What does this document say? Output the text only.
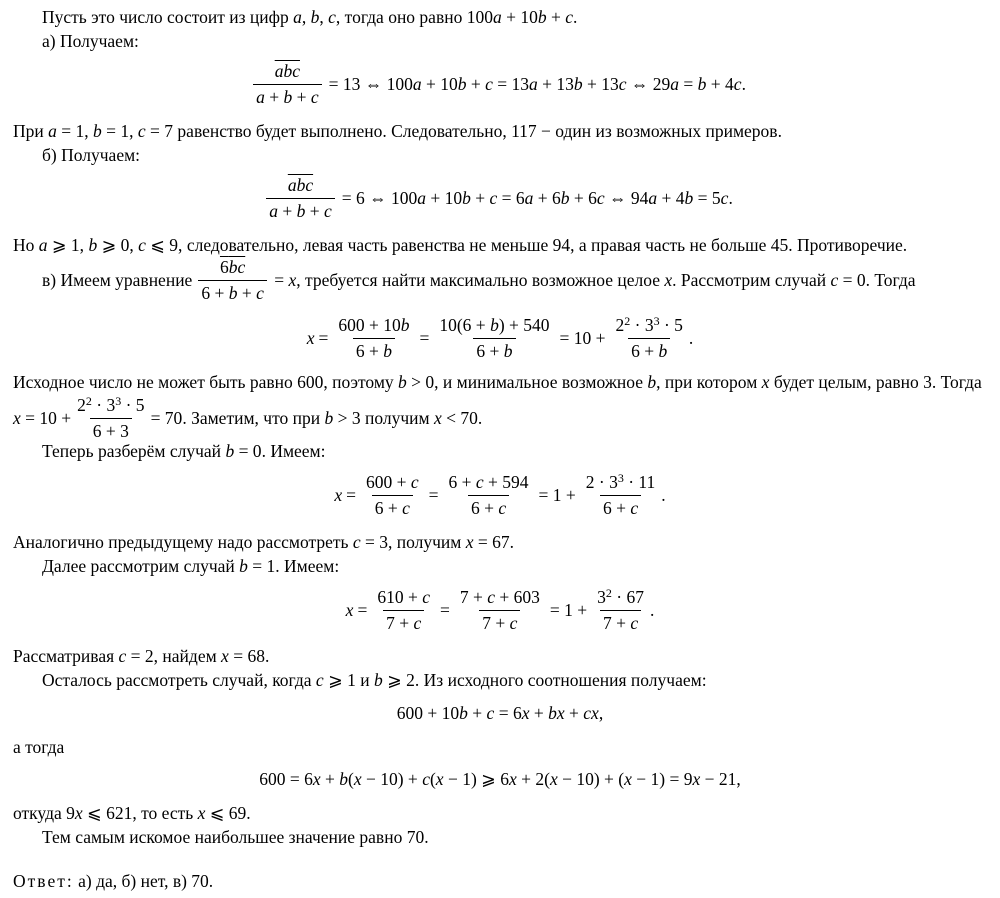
Пусть это число состоит из цифр a, b, c, тогда оно равно 100a + 10b + c.
а) Получаем:
$\frac{\overline{abc}}{a + b + c} = 13$ ⇔ 100a + 10b + c = 13a + 13b + 13c ⇔ 29a = b + 4c.
При a = 1, b = 1, c = 7 равенство будет выполнено. Следовательно, 117 − один из возможных примеров.
б) Получаем:
$\frac{\overline{abc}}{a + b + c} = 6$ ⇔ 100a + 10b + c = 6a + 6b + 6c ⇔ 94a + 4b = 5c.
Но a ⩾ 1, b ⩾ 0, c ⩽ 9, следовательно, левая часть равенства не меньше 94, а правая часть не больше 45. Противоречие.
в) Имеем уравнение $\frac{6bc}{6 + b + c} = x$, требуется найти максимально возможное целое x . Рассмотрим случай c = 0 . Тогда
$x = \frac{600 + 10b}{6 + b} = \frac{10(6 + b) + 540}{6 + b} = 10 + \frac{2^2 \cdot 3^3 \cdot 5}{6 + b}$ .
Исходное число не может быть равно 600, поэтому b > 0, и минимальное возможное b, при котором x будет целым, равно 3. Тогда
$x = 10 + \frac{2^2 \cdot 3^3 \cdot 5}{6 + 3} = 70$ . Заметим, что при b > 3 получим x < 70.
Теперь разберём случай b = 0. Имеем:
$x = \frac{600 + c}{6 + c} = \frac{6 + c + 594}{6 + c} = 1 + \frac{2 \cdot 3^3 \cdot 11}{6 + c}$ .
Аналогично предыдущему надо рассмотреть c = 3, получим x = 67.
Далее рассмотрим случай b = 1. Имеем:
$x = \frac{610 + c}{7 + c} = \frac{7 + c + 603}{7 + c} = 1 + \frac{3^2 \cdot 67}{7 + c}$ .
Рассматривая c = 2, найдем x = 68.
Осталось рассмотреть случай, когда c ⩾ 1 и b ⩾ 2. Из исходного соотношения получаем:
600 + 10b + c = 6x + bx + cx,
а тогда
600 = 6x + b(x − 10) + c(x − 1) ⩾ 6x + 2(x − 10) + (x − 1) = 9x − 21,
откуда 9x ⩽ 621, то есть x ⩽ 69.
Тем самым искомое наибольшее значение равно 70.
Ответ: а) да, б) нет, в) 70.
